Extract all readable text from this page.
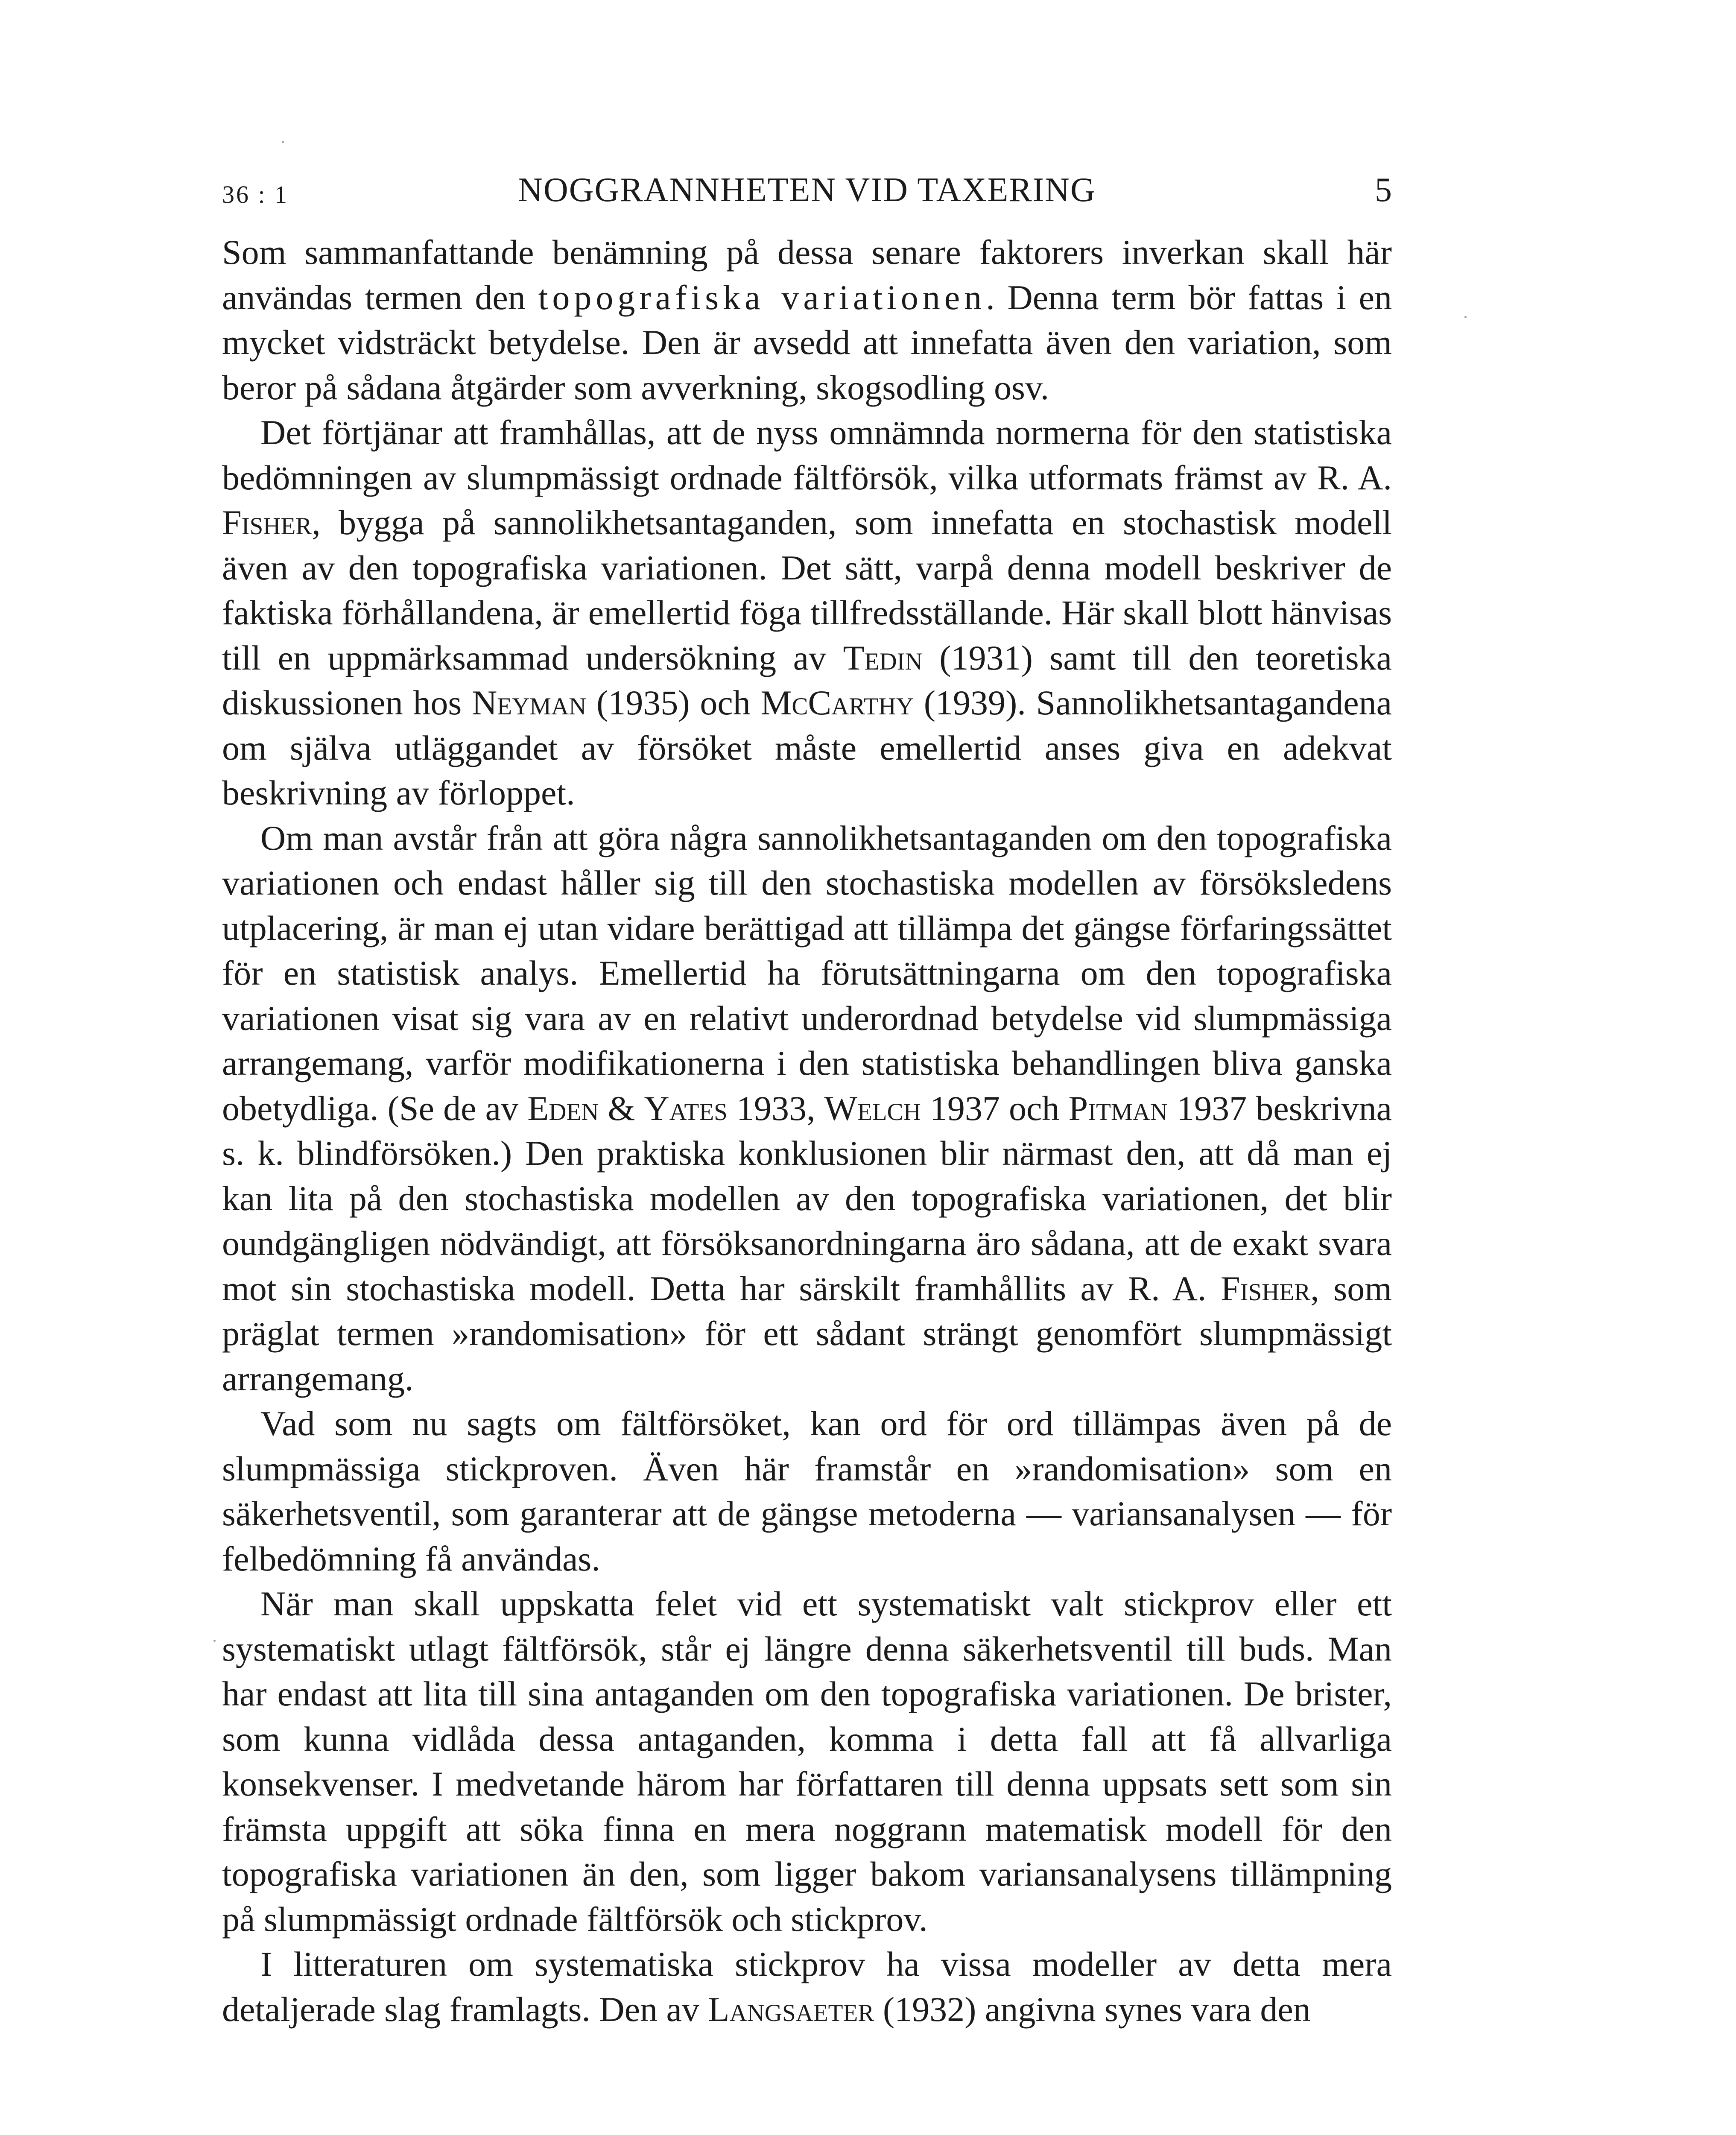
36 : 1	NOGGRANNHETEN VID TAXERING	5

Som sammanfattande benämning på dessa senare faktorers inverkan skall här användas termen den topografiska variationen. Denna term bör fattas i en mycket vidsträckt betydelse. Den är avsedd att innefatta även den variation, som beror på sådana åtgärder som avverkning, skogsodling osv.

Det förtjänar att framhållas, att de nyss omnämnda normerna för den statistiska bedömningen av slumpmässigt ordnade fältförsök, vilka utformats främst av R. A. Fisher, bygga på sannolikhetsantaganden, som innefatta en stochastisk modell även av den topografiska variationen. Det sätt, varpå denna modell beskriver de faktiska förhållandena, är emellertid föga tillfredsställande. Här skall blott hänvisas till en uppmärksammad undersökning av Tedin (1931) samt till den teoretiska diskussionen hos Neyman (1935) och McCarthy (1939). Sannolikhetsantagandena om själva utläggandet av försöket måste emellertid anses giva en adekvat beskrivning av förloppet.

Om man avstår från att göra några sannolikhetsantaganden om den topografiska variationen och endast håller sig till den stochastiska modellen av försöksledens utplacering, är man ej utan vidare berättigad att tillämpa det gängse förfaringssättet för en statistisk analys. Emellertid ha förutsättningarna om den topografiska variationen visat sig vara av en relativt underordnad betydelse vid slumpmässiga arrangemang, varför modifikationerna i den statistiska behandlingen bliva ganska obetydliga. (Se de av Eden & Yates 1933, Welch 1937 och Pitman 1937 beskrivna s. k. blindförsöken.) Den praktiska konklusionen blir närmast den, att då man ej kan lita på den stochastiska modellen av den topografiska variationen, det blir oundgängligen nödvändigt, att försöksanordningarna äro sådana, att de exakt svara mot sin stochastiska modell. Detta har särskilt framhållits av R. A. Fisher, som präglat termen »randomisation» för ett sådant strängt genomfört slumpmässigt arrangemang.

Vad som nu sagts om fältförsöket, kan ord för ord tillämpas även på de slumpmässiga stickproven. Även här framstår en »randomisation» som en säkerhetsventil, som garanterar att de gängse metoderna — variansanalysen — för felbedömning få användas.

När man skall uppskatta felet vid ett systematiskt valt stickprov eller ett systematiskt utlagt fältförsök, står ej längre denna säkerhetsventil till buds. Man har endast att lita till sina antaganden om den topografiska variationen. De brister, som kunna vidlåda dessa antaganden, komma i detta fall att få allvarliga konsekvenser. I medvetande härom har författaren till denna uppsats sett som sin främsta uppgift att söka finna en mera noggrann matematisk modell för den topografiska variationen än den, som ligger bakom variansanalysens tillämpning på slumpmässigt ordnade fältförsök och stickprov.

I litteraturen om systematiska stickprov ha vissa modeller av detta mera detaljerade slag framlagts. Den av Langsaeter (1932) angivna synes vara den
